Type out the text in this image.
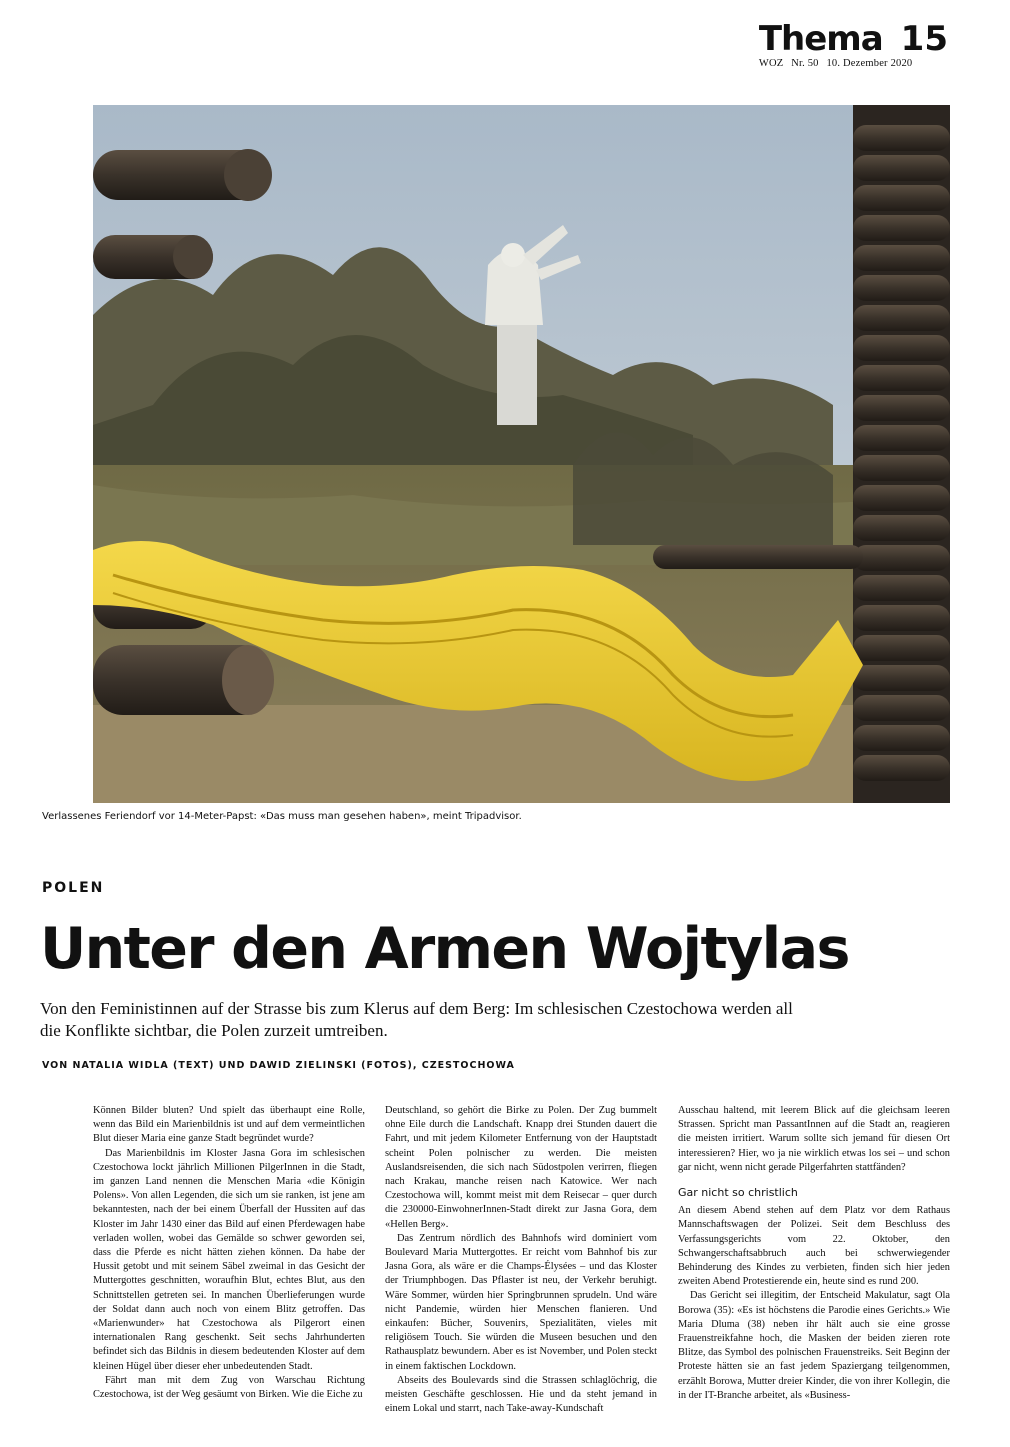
Thema 15
WOZ Nr. 50 10. Dezember 2020
Verlassenes Feriendorf vor 14-Meter-Papst: «Das muss man gesehen haben», meint Tripadvisor.
POLEN
Unter den Armen Wojtylas

Von den Feministinnen auf der Strasse bis zum Klerus auf dem Berg: Im schlesischen Czestochowa werden all die Konflikte sichtbar, die Polen zurzeit umtreiben.

VON NATALIA WIDLA (TEXT) UND DAWID ZIELINSKI (FOTOS), CZESTOCHOWA

Können Bilder bluten? Und spielt das überhaupt eine Rolle, wenn das Bild ein Marienbildnis ist und auf dem vermeintlichen Blut dieser Maria eine ganze Stadt begründet wurde?

Das Marienbildnis im Kloster Jasna Gora im schlesischen Czestochowa lockt jährlich Millionen PilgerInnen in die Stadt, im ganzen Land nennen die Menschen Maria «die Königin Polens». Von allen Legenden, die sich um sie ranken, ist jene am bekanntesten, nach der bei einem Überfall der Hussiten auf das Kloster im Jahr 1430 einer das Bild auf einen Pferdewagen habe verladen wollen, wobei das Gemälde so schwer geworden sei, dass die Pferde es nicht hätten ziehen können. Da habe der Hussit getobt und mit seinem Säbel zweimal in das Gesicht der Muttergottes geschnitten, woraufhin Blut, echtes Blut, aus den Schnittstellen getreten sei. In manchen Überlieferungen wurde der Soldat dann auch noch von einem Blitz getroffen. Das «Marienwunder» hat Czestochowa als Pilgerort einen internationalen Rang geschenkt. Seit sechs Jahrhunderten befindet sich das Bildnis in diesem bedeutenden Kloster auf dem kleinen Hügel über dieser eher unbedeutenden Stadt.

Fährt man mit dem Zug von Warschau Richtung Czestochowa, ist der Weg gesäumt von Birken. Wie die Eiche zu

Deutschland, so gehört die Birke zu Polen. Der Zug bummelt ohne Eile durch die Landschaft. Knapp drei Stunden dauert die Fahrt, und mit jedem Kilometer Entfernung von der Hauptstadt scheint Polen polnischer zu werden. Die meisten Auslandsreisenden, die sich nach Südostpolen verirren, fliegen nach Krakau, manche reisen nach Katowice. Wer nach Czestochowa will, kommt meist mit dem Reisecar – quer durch die 230000-EinwohnerInnen-Stadt direkt zur Jasna Gora, dem «Hellen Berg».

Das Zentrum nördlich des Bahnhofs wird dominiert vom Boulevard Maria Muttergottes. Er reicht vom Bahnhof bis zur Jasna Gora, als wäre er die Champs-Élysées – und das Kloster der Triumphbogen. Das Pflaster ist neu, der Verkehr beruhigt. Wäre Sommer, würden hier Springbrunnen sprudeln. Und wäre nicht Pandemie, würden hier Menschen flanieren. Und einkaufen: Bücher, Souvenirs, Spezialitäten, vieles mit religiösem Touch. Sie würden die Museen besuchen und den Rathausplatz bewundern. Aber es ist November, und Polen steckt in einem faktischen Lockdown.

Abseits des Boulevards sind die Strassen schlaglöchrig, die meisten Geschäfte geschlossen. Hie und da steht jemand in einem Lokal und starrt, nach Take-away-Kundschaft

Ausschau haltend, mit leerem Blick auf die gleichsam leeren Strassen. Spricht man PassantInnen auf die Stadt an, reagieren die meisten irritiert. Warum sollte sich jemand für diesen Ort interessieren? Hier, wo ja nie wirklich etwas los sei – und schon gar nicht, wenn nicht gerade Pilgerfahrten stattfänden?

Gar nicht so christlich

An diesem Abend stehen auf dem Platz vor dem Rathaus Mannschaftswagen der Polizei. Seit dem Beschluss des Verfassungsgerichts vom 22. Oktober, den Schwangerschaftsabbruch auch bei schwerwiegender Behinderung des Kindes zu verbieten, finden sich hier jeden zweiten Abend Protestierende ein, heute sind es rund 200.

Das Gericht sei illegitim, der Entscheid Makulatur, sagt Ola Borowa (35): «Es ist höchstens die Parodie eines Gerichts.» Wie Maria Dluma (38) neben ihr hält auch sie eine grosse Frauenstreikfahne hoch, die Masken der beiden zieren rote Blitze, das Symbol des polnischen Frauenstreiks. Seit Beginn der Proteste hätten sie an fast jedem Spaziergang teilgenommen, erzählt Borowa, Mutter dreier Kinder, die von ihrer Kollegin, die in der IT-Branche arbeitet, als «Business-
